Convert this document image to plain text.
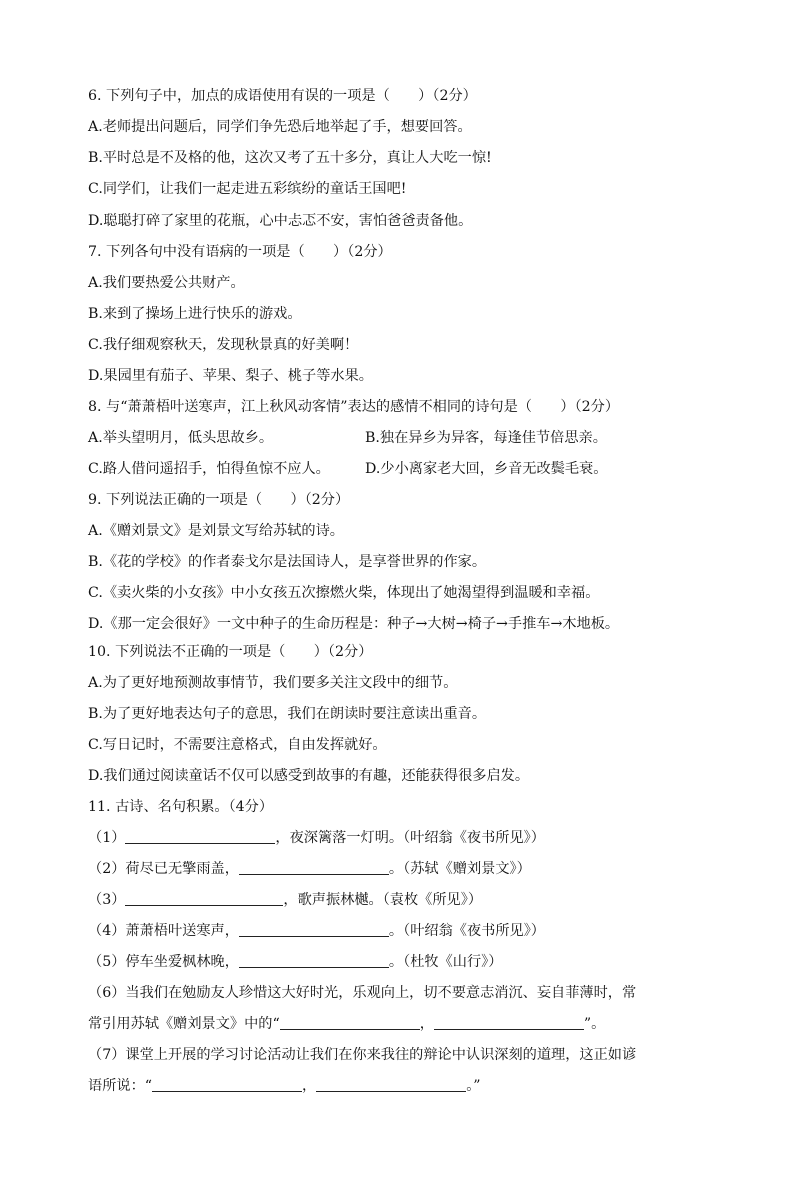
6. 下列句子中，加点的成语使用有误的一项是（　　）（2分）
A.老师提出问题后，同学们争先恐后地举起了手，想要回答。
B.平时总是不及格的他，这次又考了五十多分，真让人大吃一惊!
C.同学们，让我们一起走进五彩缤纷的童话王国吧!
D.聪聪打碎了家里的花瓶，心中忐忑不安，害怕爸爸责备他。
7. 下列各句中没有语病的一项是（　　）（2分）
A.我们要热爱公共财产。
B.来到了操场上进行快乐的游戏。
C.我仔细观察秋天，发现秋景真的好美啊！
D.果园里有茄子、苹果、梨子、桃子等水果。
8. 与“萧萧梧叶送寒声，江上秋风动客情”表达的感情不相同的诗句是（　　）（2分）
A.举头望明月，低头思故乡。	B.独在异乡为异客，每逢佳节倍思亲。
C.路人借问遥招手，怕得鱼惊不应人。 D.少小离家老大回，乡音无改鬓毛衰。
9. 下列说法正确的一项是（　　）（2分）
A.《赠刘景文》是刘景文写给苏轼的诗。
B.《花的学校》的作者泰戈尔是法国诗人，是享誉世界的作家。
C.《卖火柴的小女孩》中小女孩五次擦燃火柴，体现出了她渴望得到温暖和幸福。
D.《那一定会很好》一文中种子的生命历程是：种子→大树→椅子→手推车→木地板。
10. 下列说法不正确的一项是（　　）（2分）
A.为了更好地预测故事情节，我们要多关注文段中的细节。
B.为了更好地表达句子的意思，我们在朗读时要注意读出重音。
C.写日记时，不需要注意格式，自由发挥就好。
D.我们通过阅读童话不仅可以感受到故事的有趣，还能获得很多启发。
11. 古诗、名句积累。（4分）
（1）	，夜深篱落一灯明。（叶绍翁《夜书所见》）
（2）荷尽已无擎雨盖，	。（苏轼《赠刘景文》）
（3）	，歌声振林樾。（袁枚《所见》）
（4）萧萧梧叶送寒声，	。（叶绍翁《夜书所见》）
（5）停车坐爱枫林晚，	。（杜牧《山行》）
（6）当我们在勉励友人珍惜这大好时光，乐观向上，切不要意志消沉、妄自菲薄时，常
常引用苏轼《赠刘景文》中的“	，	”。
（7）课堂上开展的学习讨论活动让我们在你来我往的辩论中认识深刻的道理，这正如谚
语所说：“	，	。”
